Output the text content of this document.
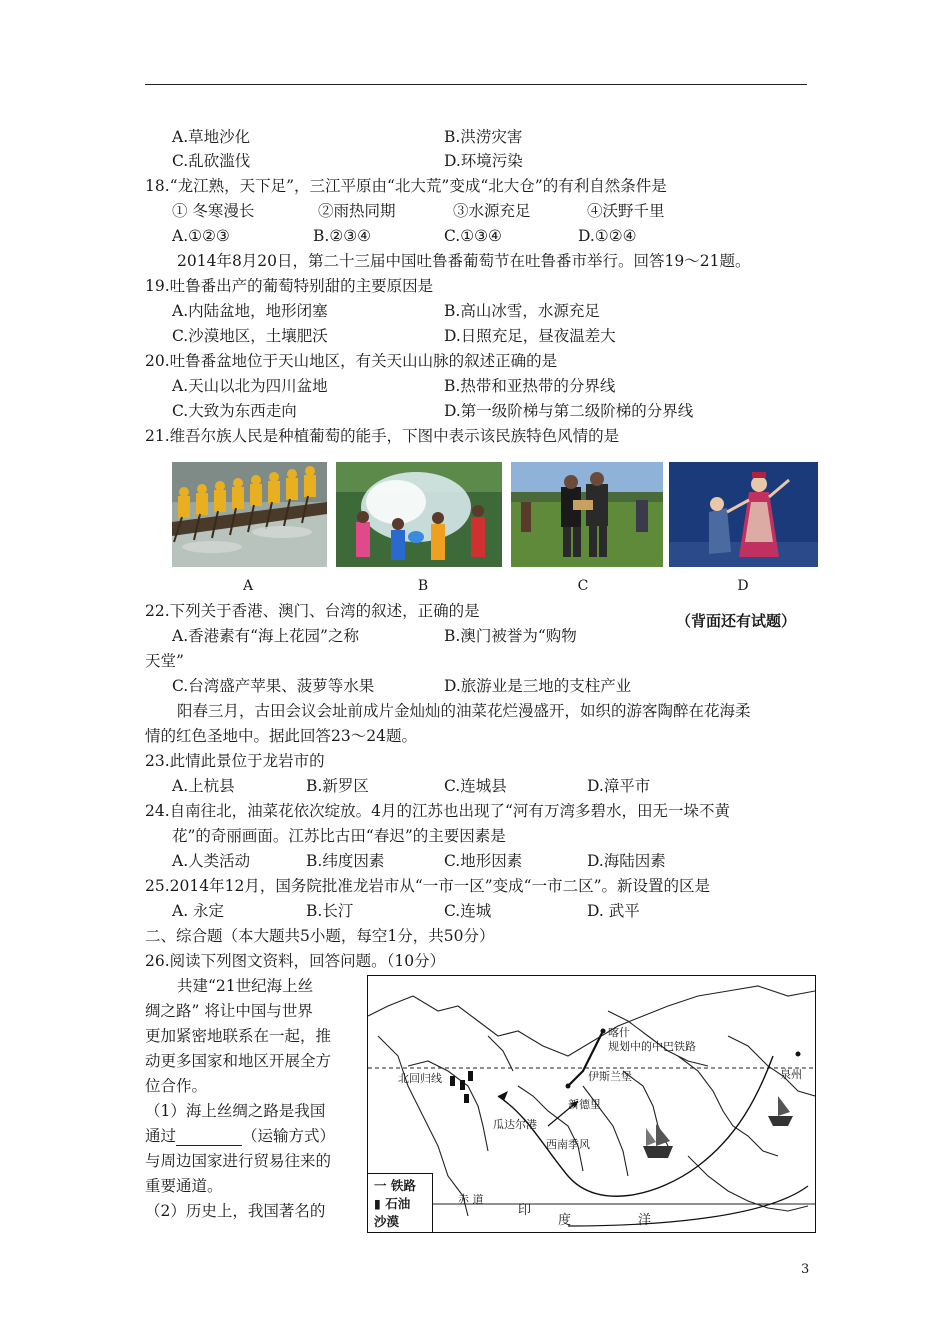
A.草地沙化	B.洪涝灾害
C.乱砍滥伐	D.环境污染
18.“龙江熟，天下足”，三江平原由“北大荒”变成“北大仓”的有利自然条件是
① 冬寒漫长	②雨热同期	③水源充足	④沃野千里
A.①②③	B.②③④	C.①③④	D.①②④
2014年8月20日，第二十三届中国吐鲁番葡萄节在吐鲁番市举行。回答19～21题。
19.吐鲁番出产的葡萄特别甜的主要原因是
A.内陆盆地，地形闭塞	B.高山冰雪，水源充足
C.沙漠地区，土壤肥沃	D.日照充足，昼夜温差大
20.吐鲁番盆地位于天山地区，有关天山山脉的叙述正确的是
A.天山以北为四川盆地	B.热带和亚热带的分界线
C.大致为东西走向	D.第一级阶梯与第二级阶梯的分界线
21.维吾尔族人民是种植葡萄的能手，下图中表示该民族特色风情的是
A	B	C	D
22.下列关于香港、澳门、台湾的叙述，正确的是
（背面还有试题）
A.香港素有“海上花园”之称	B.澳门被誉为“购物
天堂”
C.台湾盛产苹果、菠萝等水果	D.旅游业是三地的支柱产业
阳春三月，古田会议会址前成片金灿灿的油菜花烂漫盛开，如织的游客陶醉在花海柔
情的红色圣地中。据此回答23～24题。
23.此情此景位于龙岩市的
A.上杭县	B.新罗区	C.连城县	D.漳平市
24.自南往北，油菜花依次绽放。4月的江苏也出现了“河有万湾多碧水，田无一垛不黄
花”的奇丽画面。江苏比古田“春迟”的主要因素是
A.人类活动	B.纬度因素	C.地形因素	D.海陆因素
25.2014年12月，国务院批准龙岩市从“一市一区”变成“一市二区”。新设置的区是
A. 永定	B.长汀	C.连城	D. 武平
二、综合题（本大题共5小题，每空1分，共50分）
26.阅读下列图文资料，回答问题。（10分）
共建“21世纪海上丝
绸之路” 将让中国与世界
更加紧密地联系在一起，推
动更多国家和地区开展全方
位合作。
（1）海上丝绸之路是我国
通过	（运输方式）
与周边国家进行贸易往来的
重要通道。
（2）历史上，我国著名的
喀什
规划中的中巴铁路
伊斯兰堡	泉州
北回归线
瓜达尔港
新德里
西南季风
赤 道
印
度	洋
一 铁路
▮ 石油
沙漠
3
